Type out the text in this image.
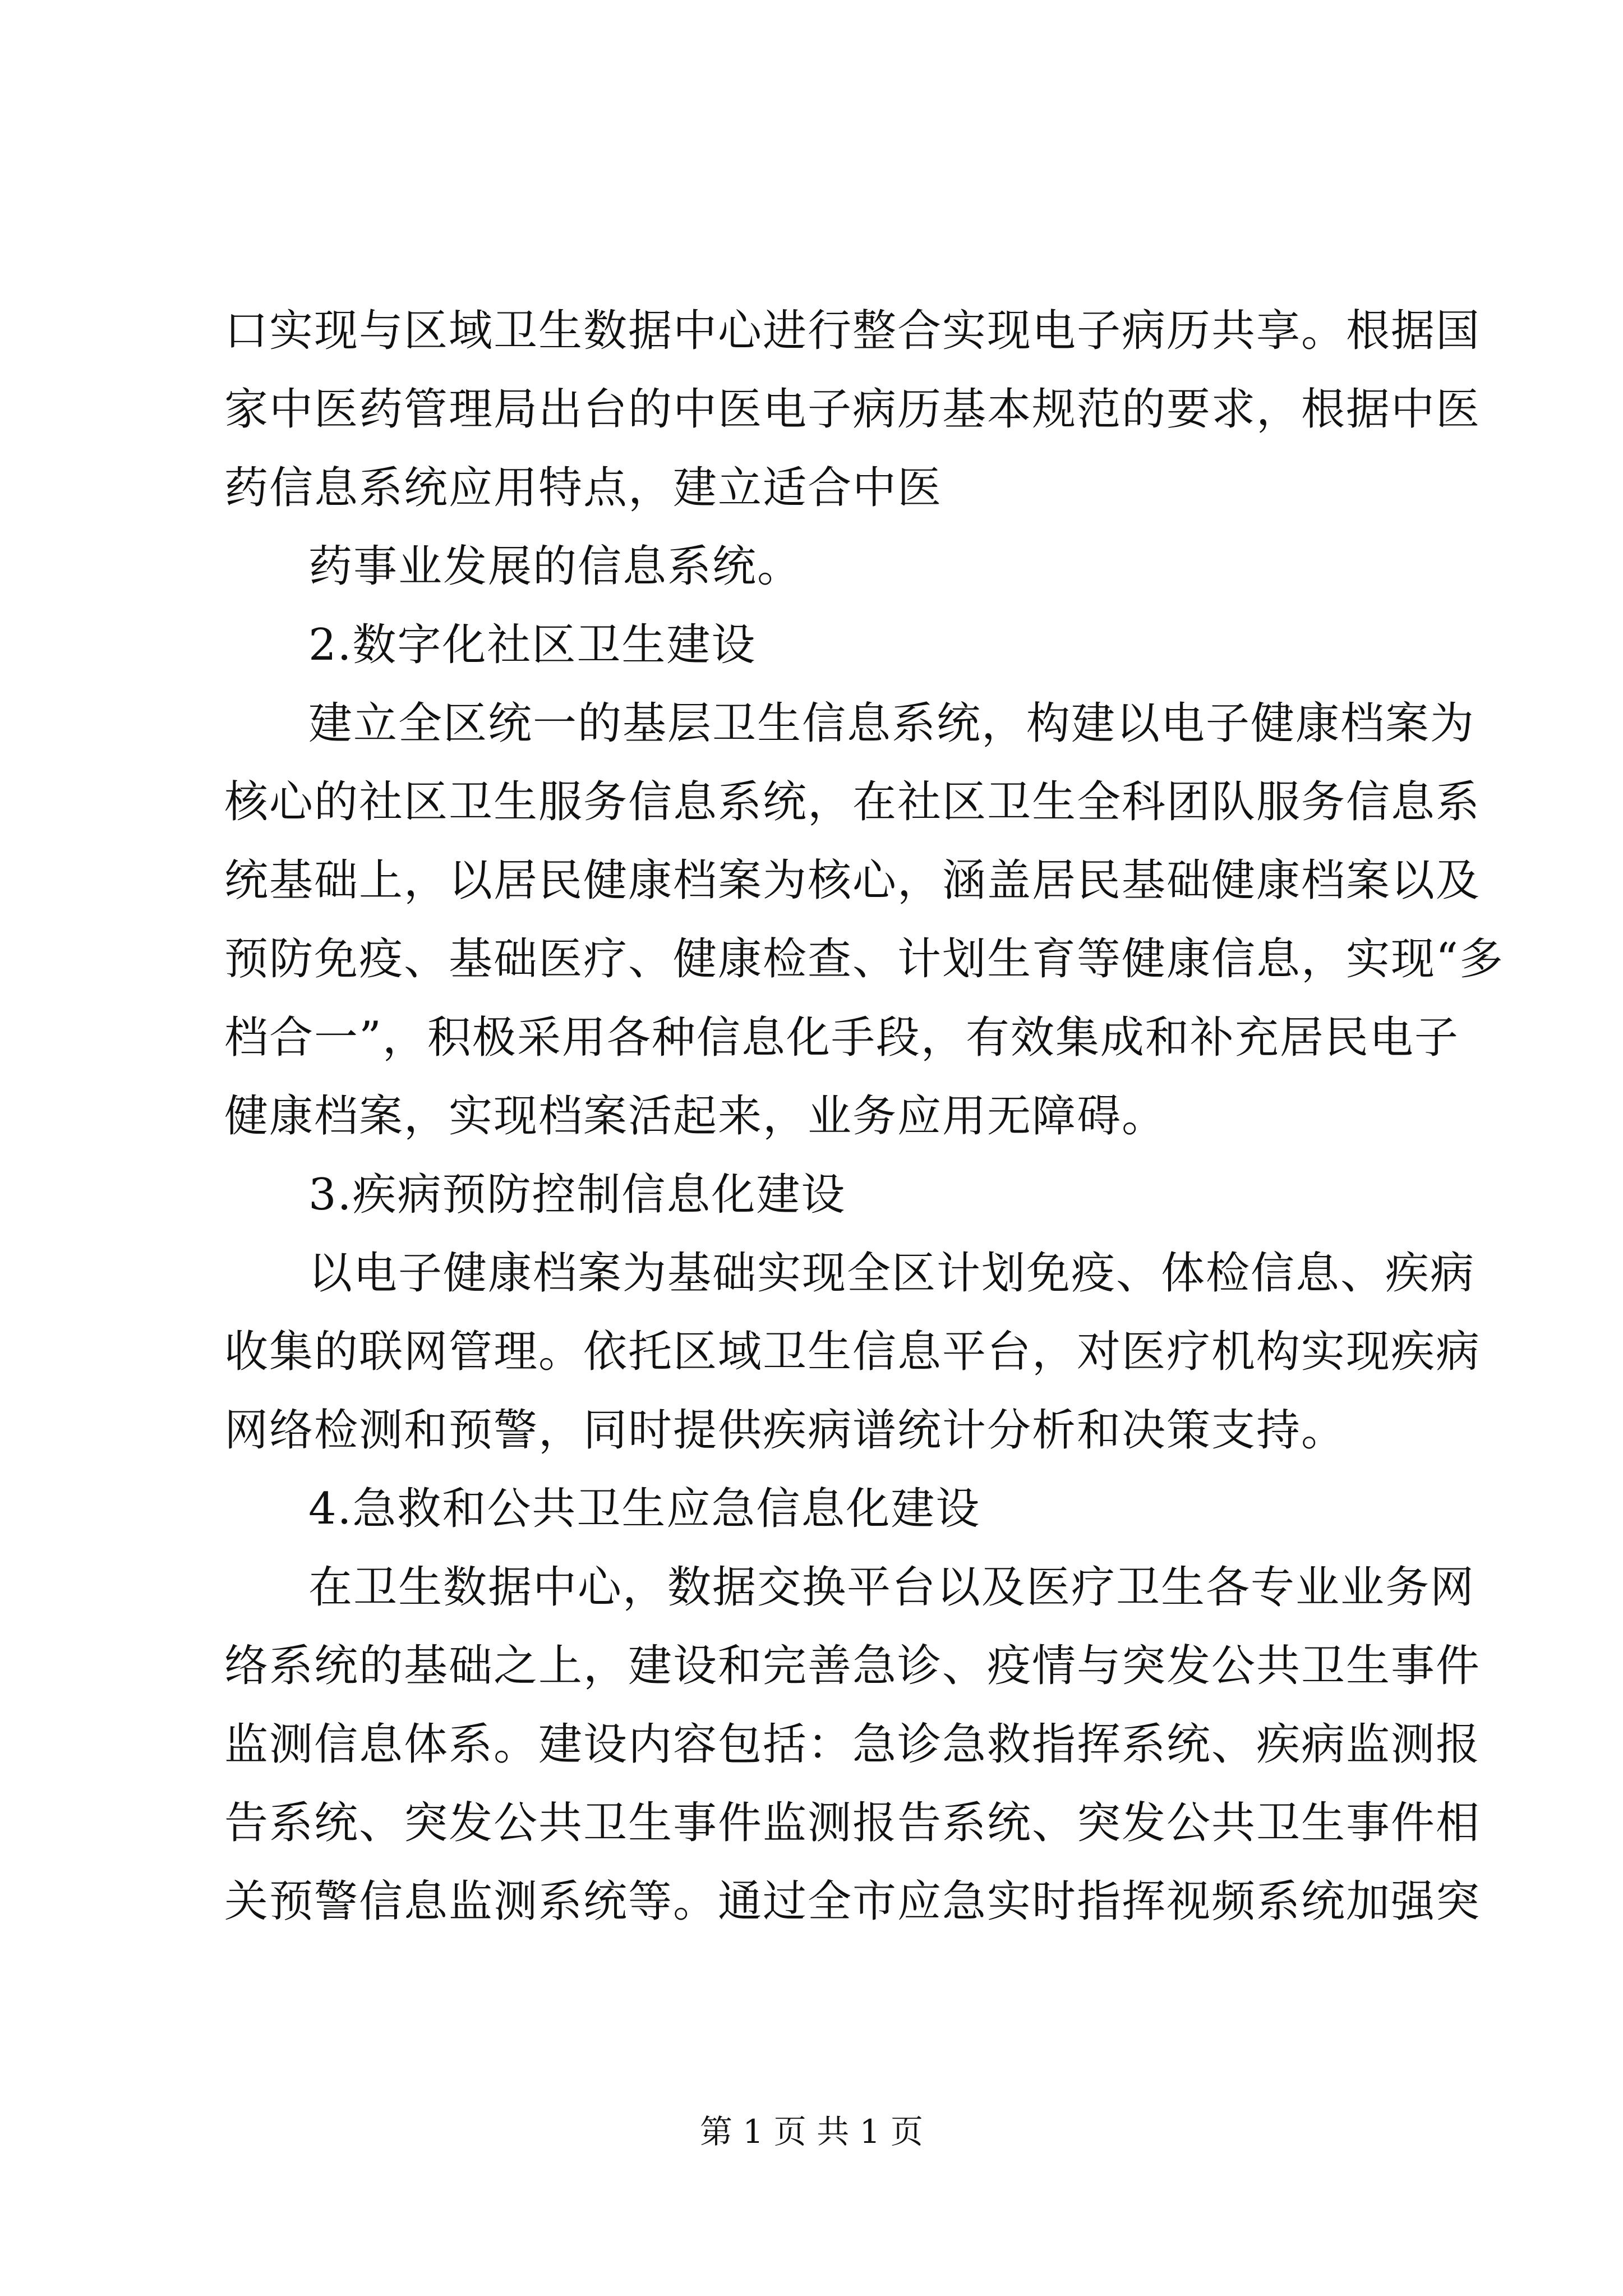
口实现与区域卫生数据中心进行整合实现电子病历共享。根据国
家中医药管理局出台的中医电子病历基本规范的要求，根据中医
药信息系统应用特点，建立适合中医
药事业发展的信息系统。
2.数字化社区卫生建设
建立全区统一的基层卫生信息系统，构建以电子健康档案为
核心的社区卫生服务信息系统，在社区卫生全科团队服务信息系
统基础上，以居民健康档案为核心，涵盖居民基础健康档案以及
预防免疫、基础医疗、健康检查、计划生育等健康信息，实现“多
档合一”，积极采用各种信息化手段，有效集成和补充居民电子
健康档案，实现档案活起来，业务应用无障碍。
3.疾病预防控制信息化建设
以电子健康档案为基础实现全区计划免疫、体检信息、疾病
收集的联网管理。依托区域卫生信息平台，对医疗机构实现疾病
网络检测和预警，同时提供疾病谱统计分析和决策支持。
4.急救和公共卫生应急信息化建设
在卫生数据中心，数据交换平台以及医疗卫生各专业业务网
络系统的基础之上，建设和完善急诊、疫情与突发公共卫生事件
监测信息体系。建设内容包括：急诊急救指挥系统、疾病监测报
告系统、突发公共卫生事件监测报告系统、突发公共卫生事件相
关预警信息监测系统等。通过全市应急实时指挥视频系统加强突
第 1 页 共 1 页
